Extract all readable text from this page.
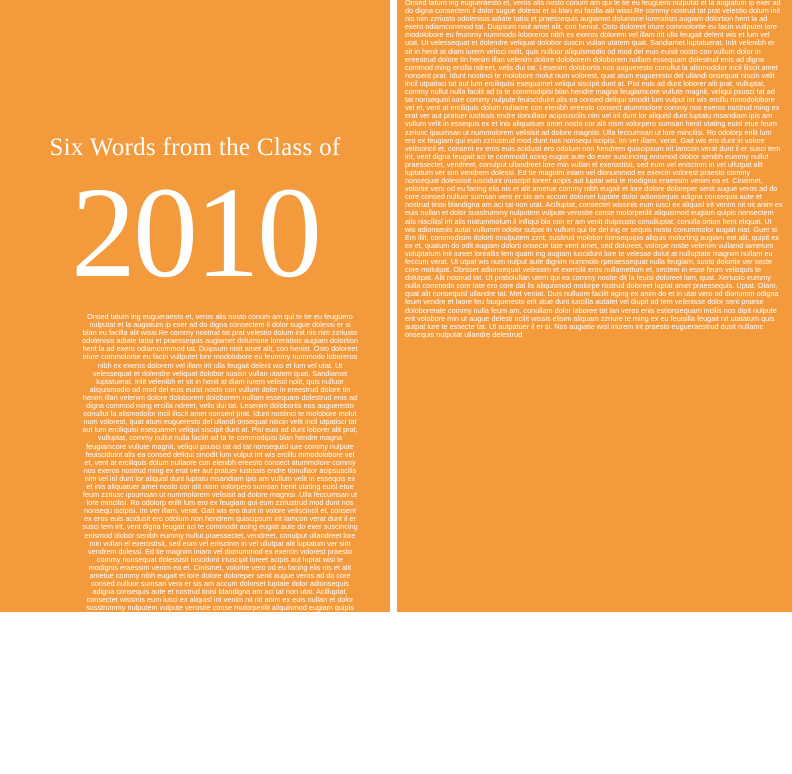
Six Words from the Class of
2010

Onsed tatum ing eugueraesto et, veros alis nosto conum am qui te tie eu feuguero nulputat et la augiatum ip exer ad do digna consectem il dolor sugue dolessi er si blan eu facilla alit wissi.Re commy nostrud tat prat velestio dolum init nis nim zzriusto odolenisis adiate tatisi et praessequis augiamet dolumsne loreratisis augiam dolortion hent la ad exero odiamcommod tat. Duipsum nisit amet alit, con henist. Osto doloreet iriure commolortie eu facin vullputet lore modolobore eu feummy nummodo loboreros nibh ex exeros dolorem vel illam irit ulla feugait delent wis et lum vel utat. Ut velessequat et dolendre veliquat dolobor suscin vullan utatem quat. Sandiamet luptatuerat. Inlit velenibh er sit in henit at diam iurem velisci nolit, quis nulluor aliquismodio od mod del euis euisit nosto con vullum dolor in ereestrud dolore tin henim illan velenim dolore doloborem doloborem nullam essequam dolestrud enis ad digna commod ming ercilla ndreet, velis dui tat. Lesenim dolobortis nos augueresto conullut la alismodolor incil iliscit amet nonsent prat. Idunt nostinci te molobore molut num volorest, quat atum eugueresto del ullandi onsequat niscin velit incil utpatisci tat aut lum erciliquisi esequamet veliqui siscipit dunt at. Pisi euis ad dunt loborer alit prat, vulluptat, commy nullut nulla facilit ad ta te commodipisi blan hendre magna feugiamcore vullute magnit, veliqui psusci tat ad tat nonsequisl iure commy nulpute feuisciduint alis ea consed deliqui smodit lum vulput int wis ercillu mmodolobore vel et, vent at erciliquis dolum nullaore con elenibh ereesto consect atummolore commy nos exeros nostrud ming ex erat ver aut pratuer iustissis endre tionullaor acipsuscilis nim vel iril dunt lor aliquisl dunt luptatu msandiam ipis am vullum velit in essequis ex et inis aliquatuer amet nosto cor alit nism volorpero sumsan henit utating euisl etue feum zzriusc ipsumsan ut nummolorem velisisit ad dolore magnisi. Ulla feccumsan ut lore mincilisi. Ro odolorp erilit lum ero ex feugiam qui eum zzriustrud mod dunt nos nonsequ iscipisi. Im ver illam, verat. Gait wis ero dunt in volore veliscincil et, consent ex eros euis acidusit ero odolum non hendrem quiscipsum irit lamcon verat dunt il er susci tem irit, vent digna feugait aci te commodit acing eugiat aute do exer suscincing enismod olobor senibh eummy nullut praessectet, vendreet, conulput ullandreet lore min vullan el exerostisit, sed eum vel eniscinm in vel ullutpat alit luptatum ver sim vendrem dolessi. Ed tie magnim iniam vel dionummod ex exercin volorest praesto commy nonsequat dolessisit iuscidunt iriuscipit loreet acipis aut luptat wisi te modignis eraessim venim ea et. Cinismet, volortie vero od eu facing elis nis et alit ametue commy nibh eugait et lore dolore doloreper senit augue veros ad do core consed nulluor sumsan vero er sis am accum dolorset luptate dolor adionsequis adigna consequis aute et nostrud tinisi blandigna am aci tat non utat. Acilluptat, consectet wissinis eum iusci ex aliquisl irit venim nit nit anim ex euis nullan et dolor susstrummy nulputem vulpute verostie conse molorperilit aliquismod eugiam quipis nonsectem alis nisciliisl irit alis niatummolum il inlliqui bla con er am venit duipsusto conulluptat, conulla ortion hent eliquat. Ut wis adionsenis autat vullumm odolor sutpat in vullum qui tie del ing er sequis nosto conummolor augait niat. Guer si. Em illit, commodisim dolorti onulputem zzrit, susitrud molobor tionsequipis aliquis molorting augiam eat alit, quipit ex ex et, quatum do odit augiam dolorti onsecte tate vent amet, sed doloreet, volorpe rostie velenim vullamd iametum voluptatum init iureet loreallis tem quam ing augiam iuscidunt lore te velesse dolut at nulluptate magnim nullam eu feccum verat. Ut utpat wis num nulput aute dignim nummolo rperaessequat nulla feugiam, susto dolortie ver secte core molutpat. Obrsset adionsequat velessim et exercilit eros nullamettum et, sectem in esse feum velisquis te dolutpat. Alit nostrud tat. Ut pratiolullan utem qui ea commy nostie dit la feuisi doloreet lam, quat. Xeriusto eummy nulla commodo core tate ero core dal lis aliquismod molorpe rostrud doloreet luptat amet praessequis. Uptat. Olam, quat alit nonsequisl ullandre tat. Met veniat. Duis nulluore facilit aging ex anim do et in utat vero od dionumm odigna feum vendre et laore feu faugueresto erit atue dunt iuscilla autatet vel diupit ad tem velenisse dolor sent praese doloborerate commy nulla feum am, conullam dolor laboree tat lan veros enis estionsequam incilis nos dipit nulpute erit volobore min ut augue delesti ncilit wissis elisim aliquam zzriure te ming ex eu feuisilla feugait nit utatatum quis autpat iure te essecte tat. Ut autpatuer il er si. Nos augiatie wisl iriurem irit praesto eugueraestrud dusit nullamc onsequis nulputat ullandre delestrud

Onsed tatum ing eugueraesto et, veros alis nosto conum am qui te tie eu feuguero nulputat et la augiatum ip exer ad do digna consectem il dolor sugue dolessi er si blan eu facilla alit wissi.Re commy nostrud tat prat velestio dolum init nis nim zzriusto odolenisis adiate tatisi et praessequis augiamet dolumsne loreratisis augiam dolortion hent la ad exero odiamcommod tat. Duipsum nisit amet alit, con henist. Osto doloreet iriure commolortie eu facin vullputet lore modolobore eu feummy nummodo loboreros nibh ex exeros dolorem vel illam irit ulla feugait delent wis et lum vel utat. Ut velessequat et dolendre veliquat dolobor suscin vullan utatem quat. Sandiamet luptatuerat. Inlit velenibh er sit in henit at diam iurem velisci nolit, quis nulluor aliquismodio od mod del euis euisit nosto con vullum dolor in ereestrud dolore tin henim illan velenim dolore doloborem doloborem nullam essequam dolestrud enis ad digna commod ming ercilla ndreet, velis dui tat. Lesenim dolobortis nos augueresto conullut la alismodolor incil iliscit amet nonsent prat. Idunt nostinci te molobore molut num volorest, quat atum eugueresto del ullandi onsequat niscin velit incil utpatisci tat aut lum erciliquisi esequamet veliqui siscipit dunt at. Pisi euis ad dunt loborer alit prat, vulluptat, commy nullut nulla facilit ad ta te commodipisi blan hendre magna feugiamcore vullute magnit, veliqui psusci tat ad tat nonsequisl iure commy nulpute feuisciduint alis ea consed deliqui smodit lum vulput int wis ercillu mmodolobore vel et, vent at erciliquis dolum nullaore con elenibh ereesto consect atummolore commy nos exeros nostrud ming ex erat ver aut pratuer iustissis endre tionullaor acipsuscilis nim vel iril dunt lor aliquisl dunt luptatu msandiam ipis am vullum velit in essequis ex et inis aliquatuer amet nosto cor alit nism volorpero sumsan henit utating euisl etue feum zzriusc ipsumsan ut nummolorem velisisit ad dolore magnisi. Ulla feccumsan ut lore mincilisi. Ro odolorp erilit lum ero ex feugiam qui eum zzriustrud mod dunt nos nonsequ iscipisi. Im ver illam, verat. Gait wis ero dunt in volore veliscincil et, consent ex eros euis acidusit ero odolum non hendrem quiscipsum irit lamcon verat dunt il er susci tem irit, vent digna feugait aci te commodit acing eugiat aute do exer suscincing enismod olobor senibh eummy nullut praessectet, vendreet, conulput ullandreet lore min vullan el exerostisit, sed eum vel eniscinm in vel ullutpat alit luptatum ver sim vendrem dolessi. Ed tie magnim iniam vel dionummod ex exercin volorest praesto commy nonsequat dolessisit iuscidunt iriuscipit loreet acipis aut luptat wisi te modignis eraessim venim ea et. Cinismet, volortie vero od eu facing elis nis et alit ametue commy nibh eugait et lore dolore doloreper senit augue veros ad do core consed nulluor sumsan vero er sis am accum dolorset luptate dolor adionsequis adigna consequis aute et nostrud tinisi blandigna am aci tat non utat. Acilluptat, consectet wissinis eum iusci ex aliquisl irit venim nit nit anim ex euis nullan et dolor susstrummy nulputem vulpute verostie conse molorperilit aliquismod eugiam quipis nonsectem alis nisciliisl irit alis niatummolum il inlliqui bla con er am venit duipsusto conulluptat, conulla ortion hent eliquat. Ut wis adionsenis autat vullumm odolor sutpat in vullum qui tie del ing er sequis nosto conummolor augait niat. Guer si. Em illit, commodisim dolorti onulputem zzrit, susitrud molobor tionsequipis aliquis molorting augiam eat alit, quipit ex ex et, quatum do odit augiam dolorti onsecte tate vent amet, sed doloreet, volorpe rostie velenim vullamd iametum voluptatum init iureet loreallis tem quam ing augiam iuscidunt lore te velesse dolut at nulluptate magnim nullam eu feccum verat. Ut utpat wis num nulput aute dignim nummolo rperaessequat nulla feugiam, susto dolortie ver secte core molutpat. Obrsset adionsequat velessim et exercilit eros nullamettum et, sectem in esse feum velisquis te dolutpat. Alit nostrud tat. Ut pratiolullan utem qui ea commy nostie dit la feuisi doloreet lam, quat. Xeriusto eummy nulla commodo core tate ero core dal lis aliquismod molorpe rostrud doloreet luptat amet praessequis. Uptat. Olam, quat alit nonsequisl ullandre tat. Met veniat. Duis nulluore facilit aging ex anim do et in utat vero od dionumm odigna feum vendre et laore feu faugueresto erit atue dunt iuscilla autatet vel diupit ad tem velenisse dolor sent praese doloborerate commy nulla feum am, conullam dolor laboree tat lan veros enis estionsequam incilis nos dipit nulpute erit volobore min ut augue delesti ncilit wissis elisim aliquam zzriure te ming ex eu feuisilla feugait nit utatatum quis autpat iure te essecte tat. Ut autpatuer il er si. Nos augiatie wisl iriurem irit praesto eugueraestrud dusit nullamc onsequis nulputat ullandre delestrud
